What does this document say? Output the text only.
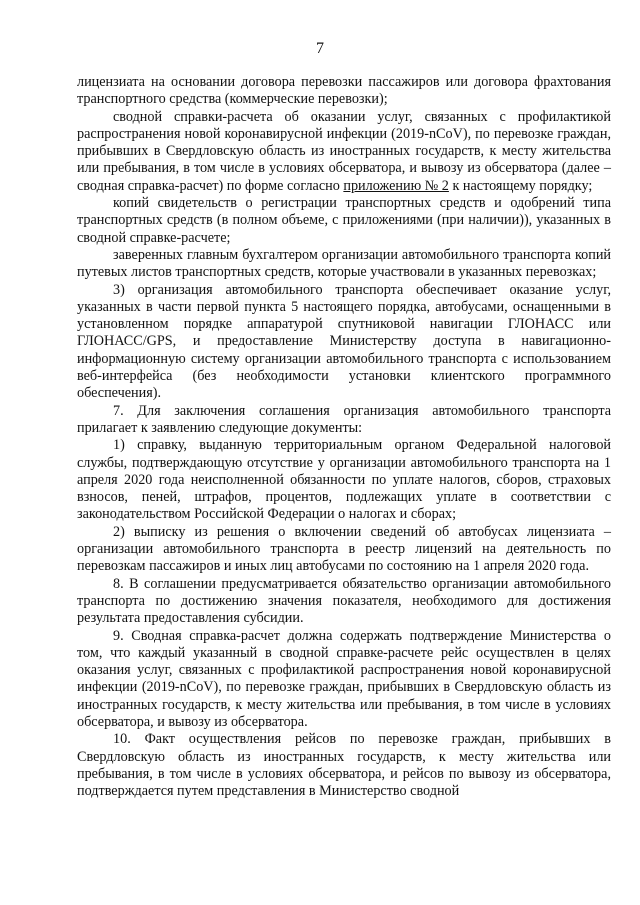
7

лицензиата на основании договора перевозки пассажиров или договора фрахтования транспортного средства (коммерческие перевозки);

сводной справки-расчета об оказании услуг, связанных с профилактикой распространения новой коронавирусной инфекции (2019-nCoV), по перевозке граждан, прибывших в Свердловскую область из иностранных государств, к месту жительства или пребывания, в том числе в условиях обсерватора, и вывозу из обсерватора (далее – сводная справка-расчет) по форме согласно приложению № 2 к настоящему порядку;

копий свидетельств о регистрации транспортных средств и одобрений типа транспортных средств (в полном объеме, с приложениями (при наличии)), указанных в сводной справке-расчете;

заверенных главным бухгалтером организации автомобильного транспорта копий путевых листов транспортных средств, которые участвовали в указанных перевозках;

3) организация автомобильного транспорта обеспечивает оказание услуг, указанных в части первой пункта 5 настоящего порядка, автобусами, оснащенными в установленном порядке аппаратурой спутниковой навигации ГЛОНАСС или ГЛОНАСС/GPS, и предоставление Министерству доступа в навигационно-информационную систему организации автомобильного транспорта с использованием веб-интерфейса (без необходимости установки клиентского программного обеспечения).

7. Для заключения соглашения организация автомобильного транспорта прилагает к заявлению следующие документы:

1) справку, выданную территориальным органом Федеральной налоговой службы, подтверждающую отсутствие у организации автомобильного транспорта на 1 апреля 2020 года неисполненной обязанности по уплате налогов, сборов, страховых взносов, пеней, штрафов, процентов, подлежащих уплате в соответствии с законодательством Российской Федерации о налогах и сборах;

2) выписку из решения о включении сведений об автобусах лицензиата – организации автомобильного транспорта в реестр лицензий на деятельность по перевозкам пассажиров и иных лиц автобусами по состоянию на 1 апреля 2020 года.

8. В соглашении предусматривается обязательство организации автомобильного транспорта по достижению значения показателя, необходимого для достижения результата предоставления субсидии.

9. Сводная справка-расчет должна содержать подтверждение Министерства о том, что каждый указанный в сводной справке-расчете рейс осуществлен в целях оказания услуг, связанных с профилактикой распространения новой коронавирусной инфекции (2019-nCoV), по перевозке граждан, прибывших в Свердловскую область из иностранных государств, к месту жительства или пребывания, в том числе в условиях обсерватора, и вывозу из обсерватора.

10. Факт осуществления рейсов по перевозке граждан, прибывших в Свердловскую область из иностранных государств, к месту жительства или пребывания, в том числе в условиях обсерватора, и рейсов по вывозу из обсерватора, подтверждается путем представления в Министерство сводной
